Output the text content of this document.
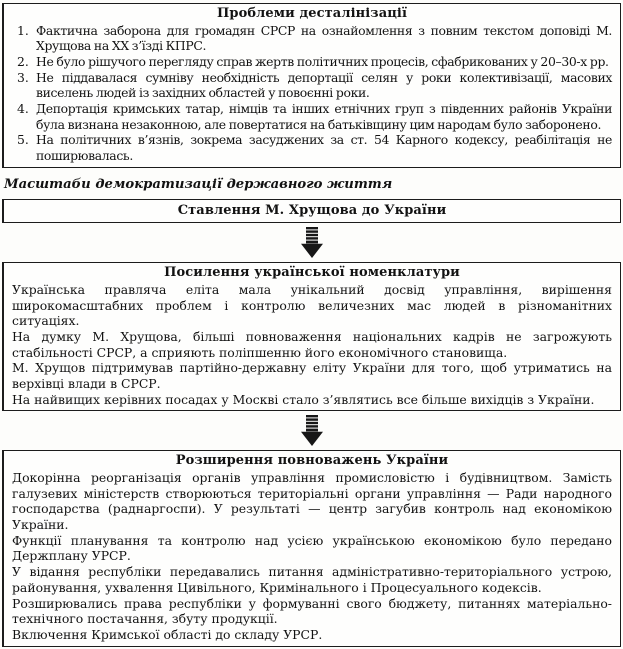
Проблеми десталінізації
1. Фактична заборона для громадян СРСР на ознайомлення з повним текстом доповіді М. Хрущова на XX з’їзді КПРС.
2. Не було рішучого перегляду справ жертв політичних процесів, сфабрикованих у 20–30-х рр.
3. Не піддавалася сумніву необхідність депортації селян у роки колективізації, масових виселень людей із західних областей у повоєнні роки.
4. Депортація кримських татар, німців та інших етнічних груп з південних районів України була визнана незаконною, але повертатися на батьківщину цим народам було заборонено.
5. На політичних в’язнів, зокрема засуджених за ст. 54 Карного кодексу, реабілітація не поширювалась.
Масштаби демократизації державного життя
Ставлення М. Хрущова до України
Посилення української номенклатури

Українська правляча еліта мала унікальний досвід управління, вирішення широкомасштабних проблем і контролю величезних мас людей в різноманітних ситуаціях.

На думку М. Хрущова, більші повноваження національних кадрів не загрожують стабільності СРСР, а сприяють поліпшенню його економічного становища.

М. Хрущов підтримував партійно-державну еліту України для того, щоб утриматись на верхівці влади в СРСР.

На найвищих керівних посадах у Москві стало з’являтись все більше вихідців з України.

Розширення повноважень України

Докорінна реорганізація органів управління промисловістю і будівництвом. Замість галузевих міністерств створюються територіальні органи управління — Ради народного господарства (раднаргоспи). У результаті — центр загубив контроль над економікою України.

Функції планування та контролю над усією українською економікою було передано Держплану УРСР.

У відання республіки передавались питання адміністративно-територіального устрою, районування, ухвалення Цивільного, Кримінального і Процесуального кодексів.

Розширювались права республіки у формуванні свого бюджету, питаннях матеріально-технічного постачання, збуту продукції.

Включення Кримської області до складу УРСР.
